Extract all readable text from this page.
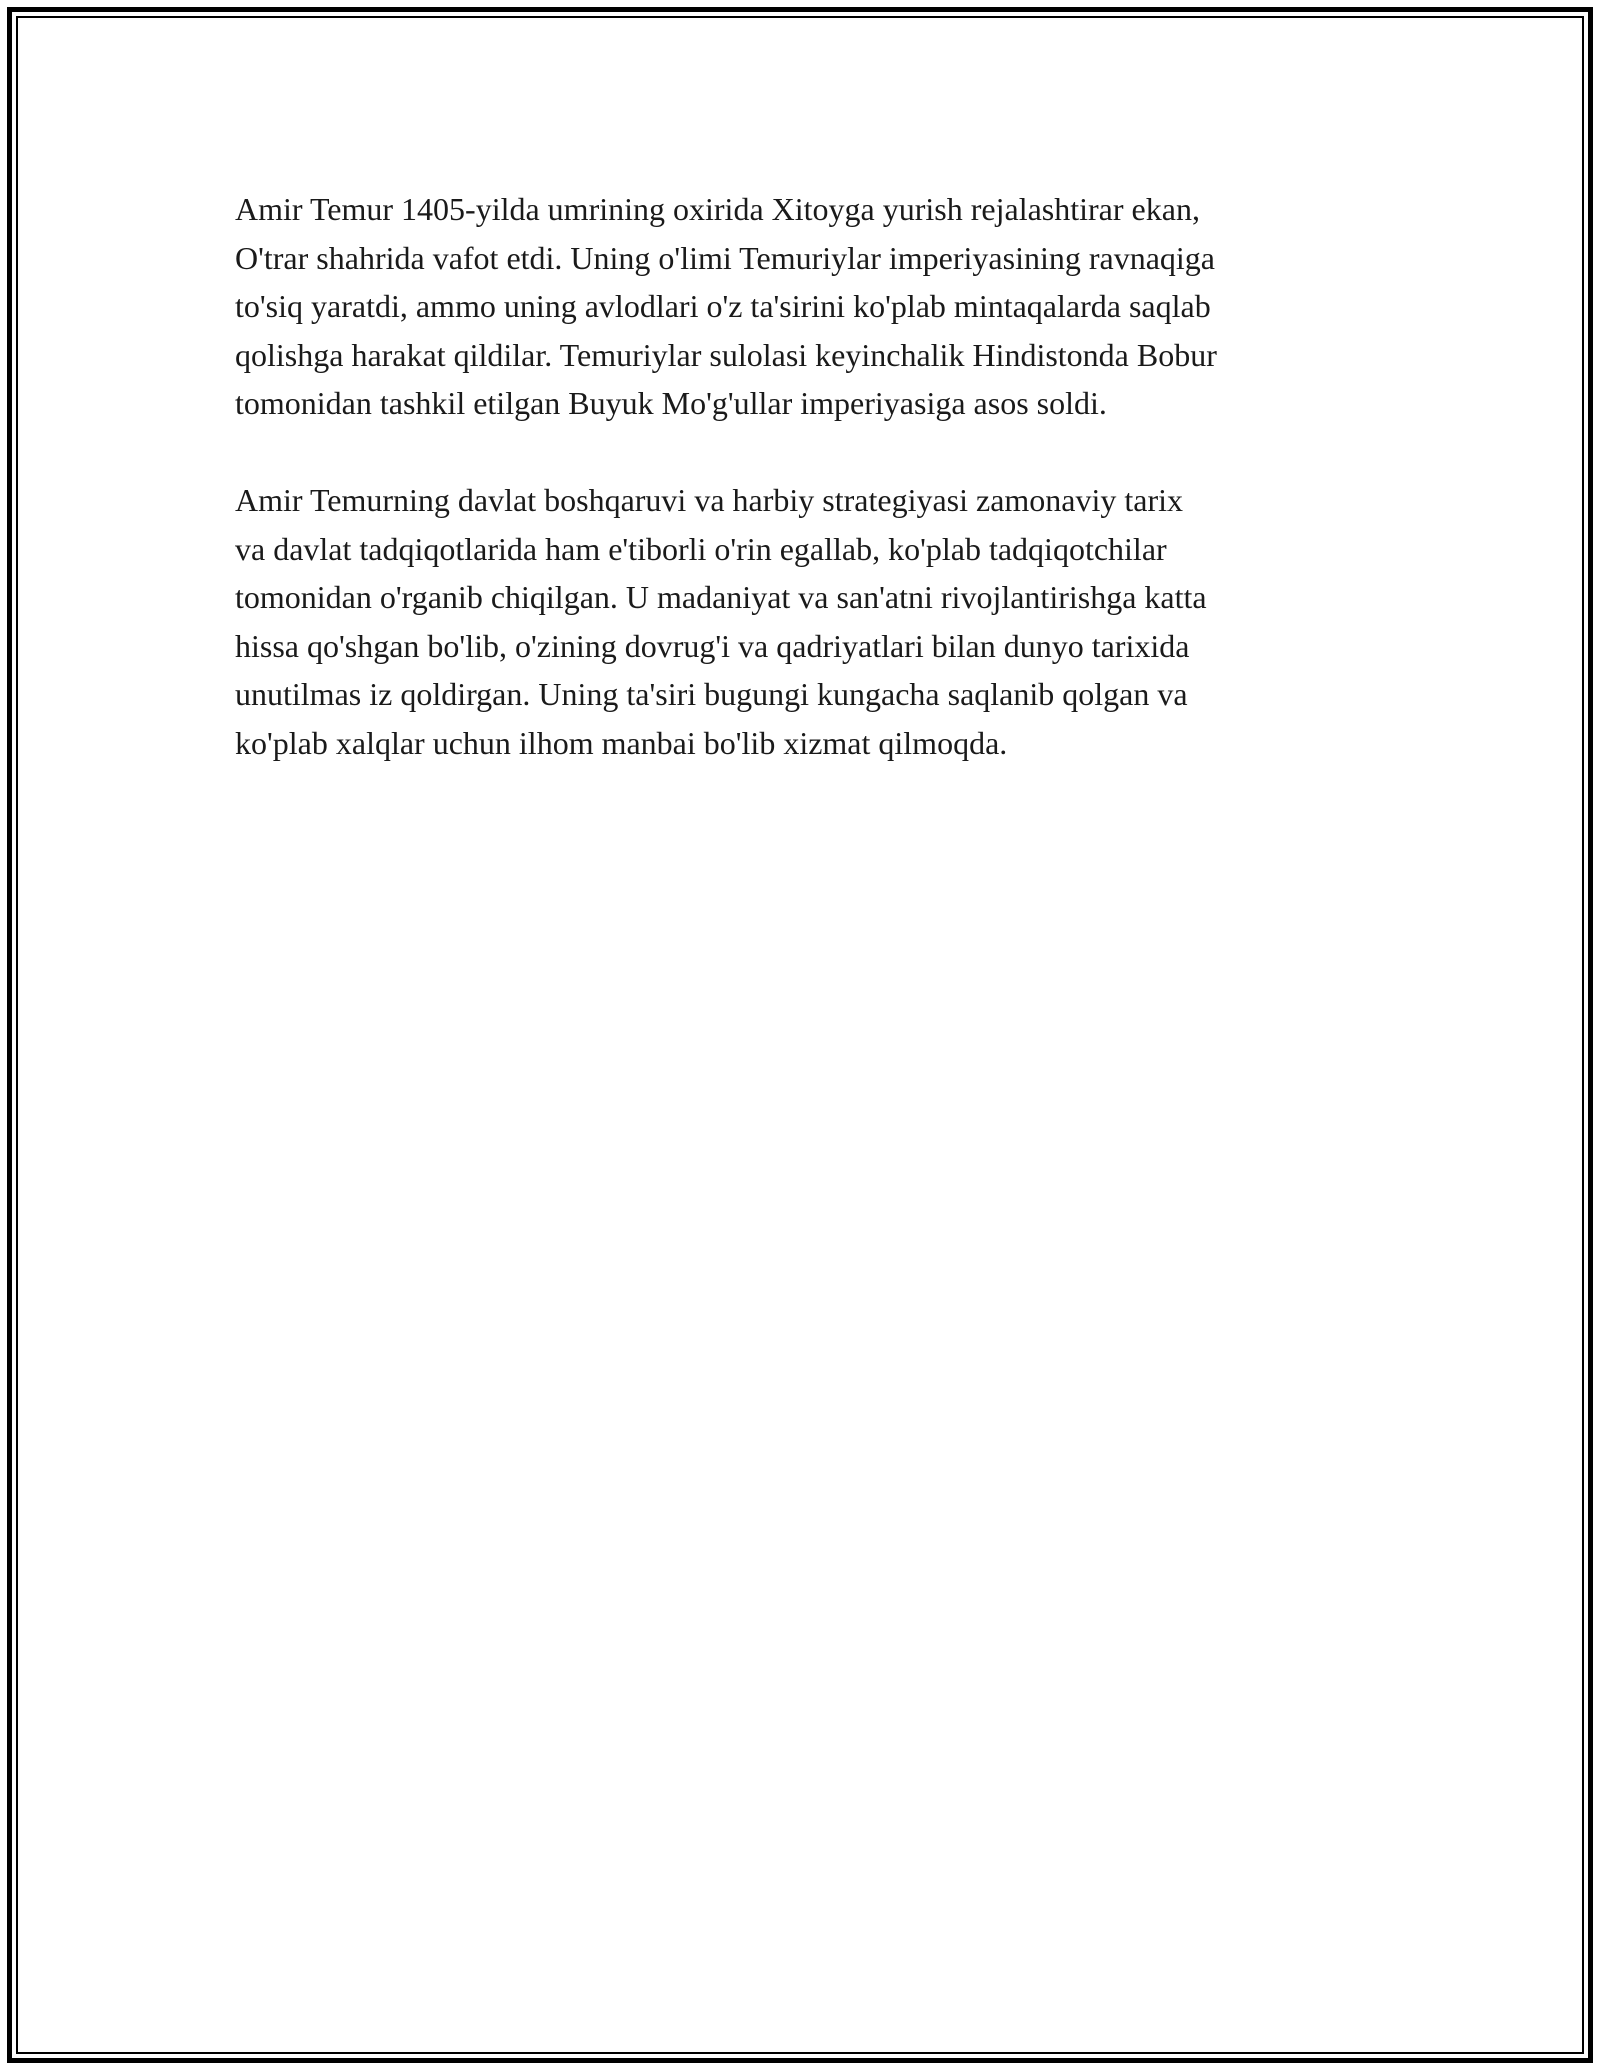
Amir Temur 1405-yilda umrining oxirida Xitoyga yurish rejalashtirar ekan,
O'trar shahrida vafot etdi. Uning o'limi Temuriylar imperiyasining ravnaqiga
to'siq yaratdi, ammo uning avlodlari o'z ta'sirini ko'plab mintaqalarda saqlab
qolishga harakat qildilar. Temuriylar sulolasi keyinchalik Hindistonda Bobur
tomonidan tashkil etilgan Buyuk Mo'g'ullar imperiyasiga asos soldi.
Amir Temurning davlat boshqaruvi va harbiy strategiyasi zamonaviy tarix
va davlat tadqiqotlarida ham e'tiborli o'rin egallab, ko'plab tadqiqotchilar
tomonidan o'rganib chiqilgan. U madaniyat va san'atni rivojlantirishga katta
hissa qo'shgan bo'lib, o'zining dovrug'i va qadriyatlari bilan dunyo tarixida
unutilmas iz qoldirgan. Uning ta'siri bugungi kungacha saqlanib qolgan va
ko'plab xalqlar uchun ilhom manbai bo'lib xizmat qilmoqda.
